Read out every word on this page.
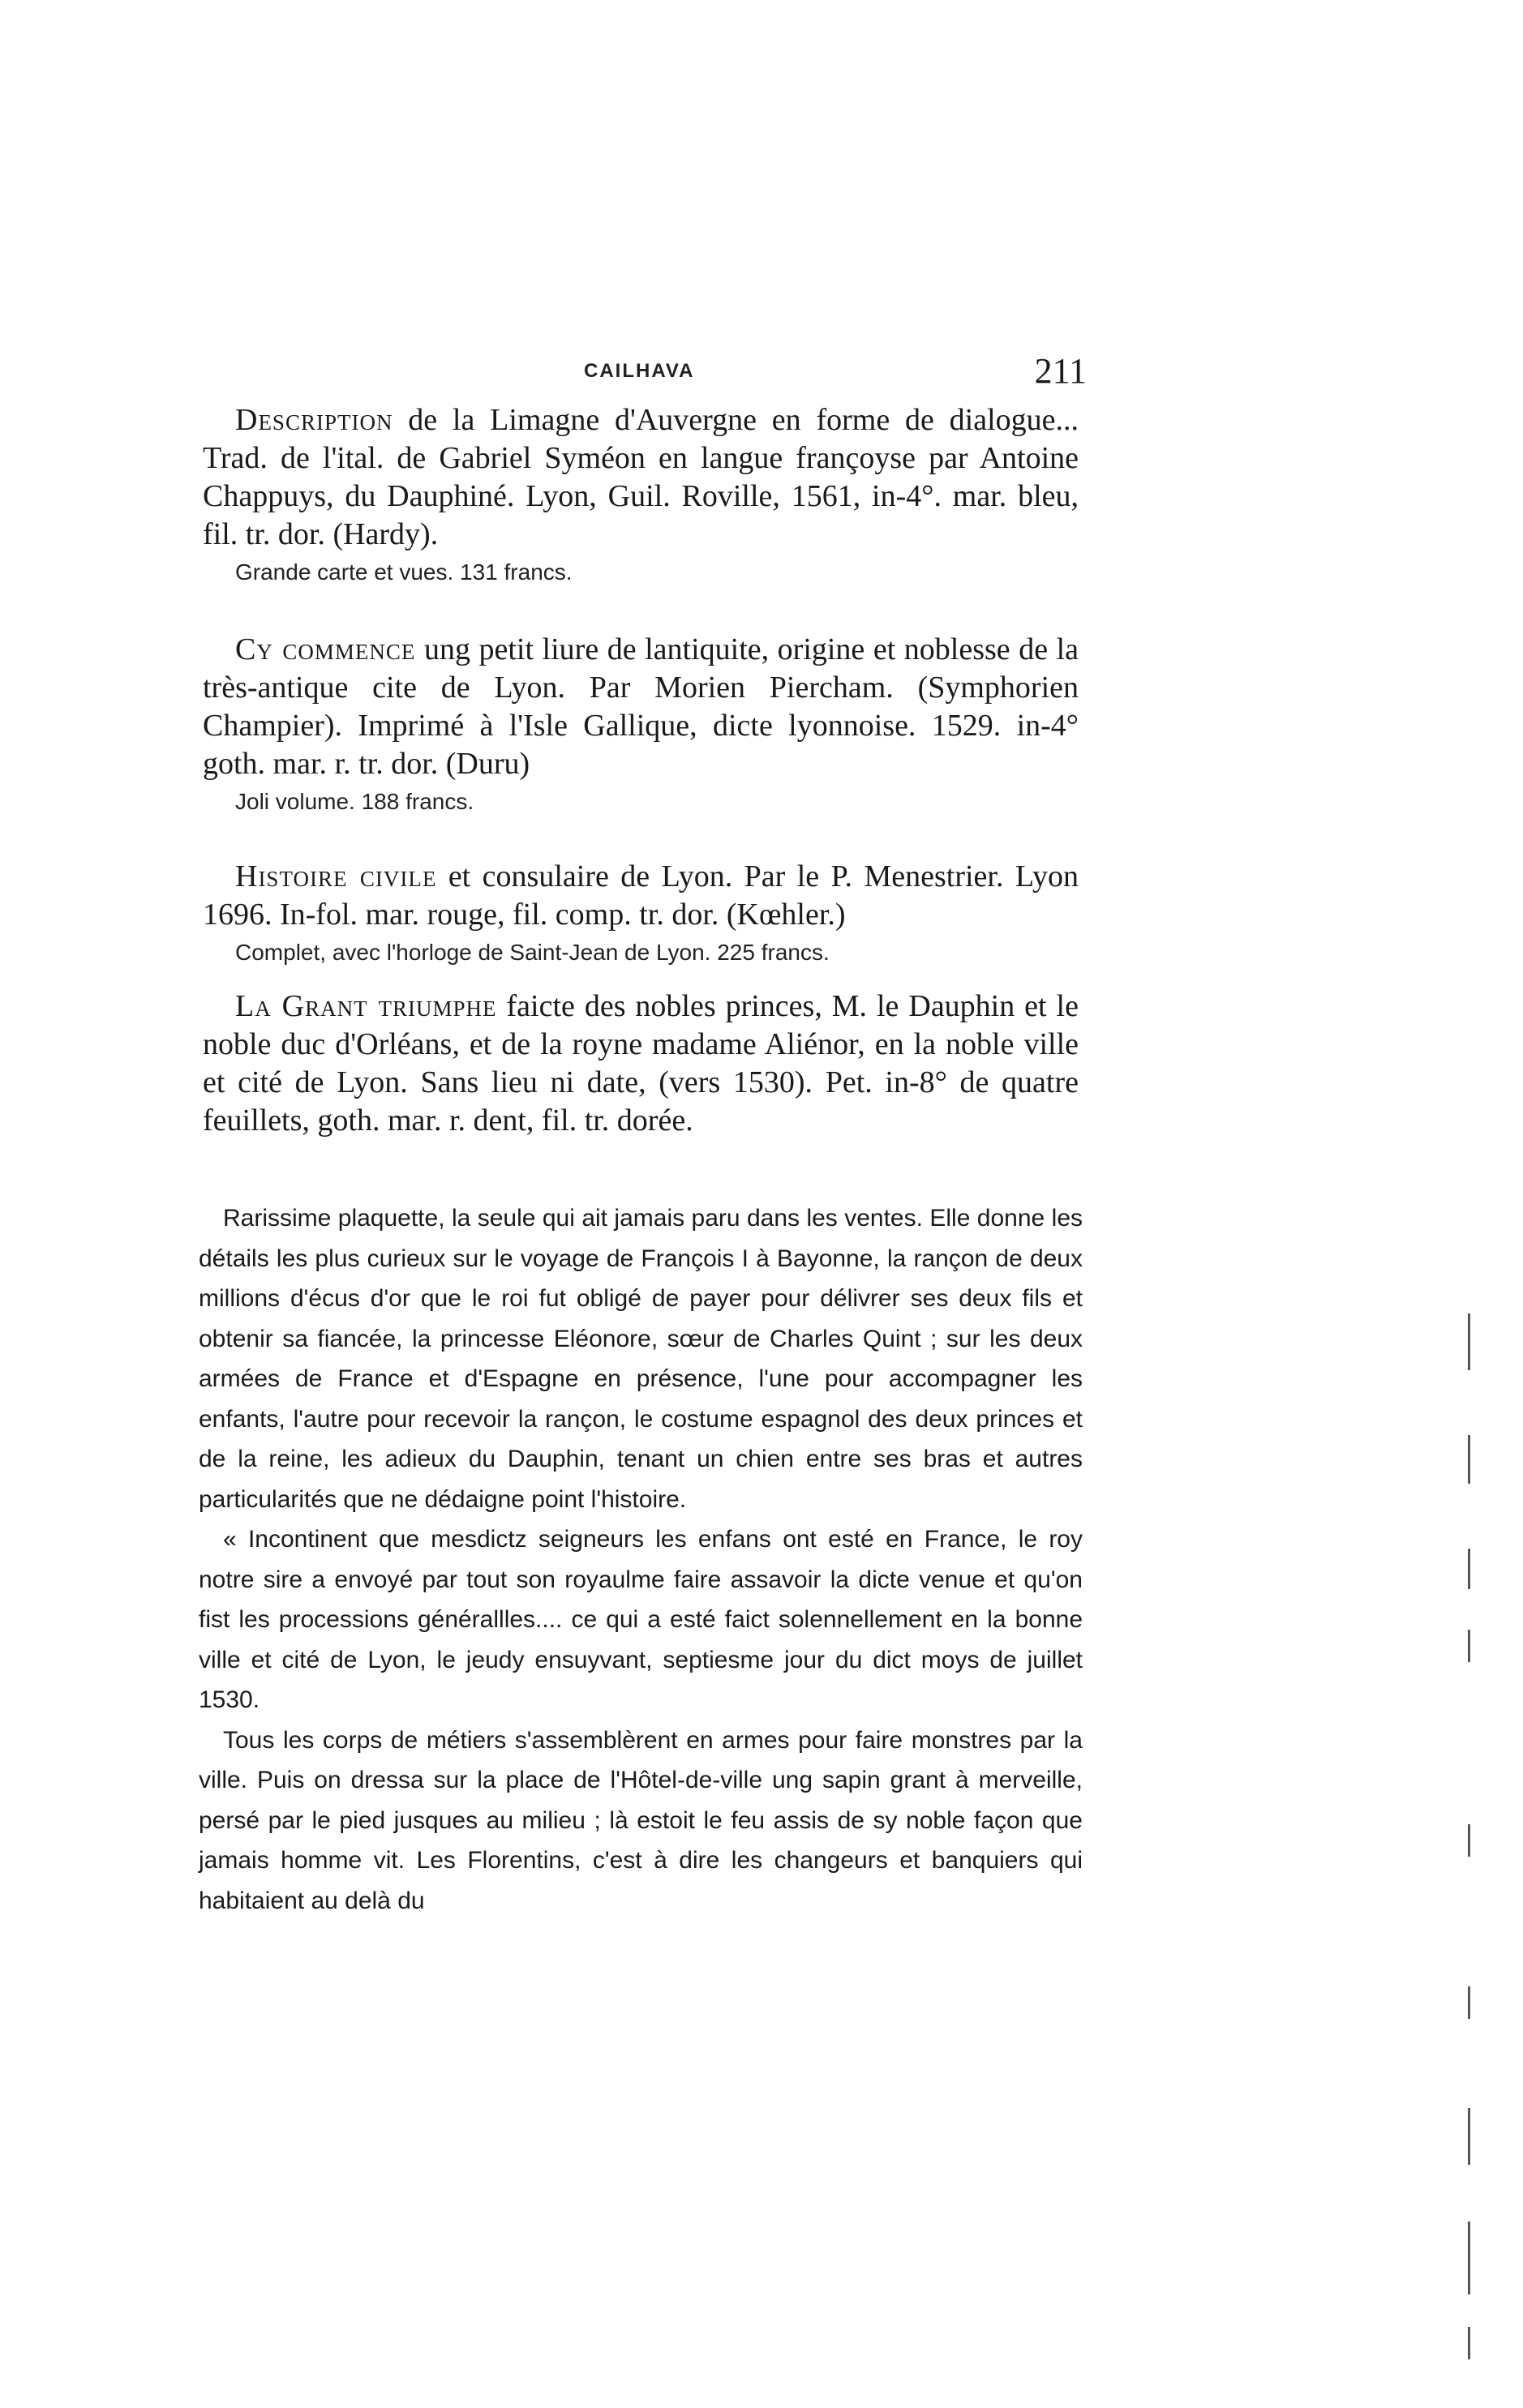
CAILHAVA	211

Description de la Limagne d'Auvergne en forme de dialogue... Trad. de l'ital. de Gabriel Syméon en langue françoyse par Antoine Chappuys, du Dauphiné. Lyon, Guil. Roville, 1561, in-4°. mar. bleu, fil. tr. dor. (Hardy).

Grande carte et vues. 131 francs.

Cy commence ung petit liure de lantiquite, origine et noblesse de la très-antique cite de Lyon. Par Morien Piercham. (Symphorien Champier). Imprimé à l'Isle Gallique, dicte lyonnoise. 1529. in-4° goth. mar. r. tr. dor. (Duru)

Joli volume. 188 francs.

Histoire civile et consulaire de Lyon. Par le P. Menestrier. Lyon 1696. In-fol. mar. rouge, fil. comp. tr. dor. (Kœhler.)

Complet, avec l'horloge de Saint-Jean de Lyon. 225 francs.

La Grant triumphe faicte des nobles princes, M. le Dauphin et le noble duc d'Orléans, et de la royne madame Aliénor, en la noble ville et cité de Lyon. Sans lieu ni date, (vers 1530). Pet. in-8° de quatre feuillets, goth. mar. r. dent, fil. tr. dorée.

Rarissime plaquette, la seule qui ait jamais paru dans les ventes. Elle donne les détails les plus curieux sur le voyage de François I à Bayonne, la rançon de deux millions d'écus d'or que le roi fut obligé de payer pour délivrer ses deux fils et obtenir sa fiancée, la princesse Eléonore, sœur de Charles Quint ; sur les deux armées de France et d'Espagne en présence, l'une pour accompagner les enfants, l'autre pour recevoir la rançon, le costume espagnol des deux princes et de la reine, les adieux du Dauphin, tenant un chien entre ses bras et autres particularités que ne dédaigne point l'histoire.

« Incontinent que mesdictz seigneurs les enfans ont esté en France, le roy notre sire a envoyé par tout son royaulme faire assavoir la dicte venue et qu'on fist les processions générallles.... ce qui a esté faict solennellement en la bonne ville et cité de Lyon, le jeudy ensuyvant, septiesme jour du dict moys de juillet 1530.

Tous les corps de métiers s'assemblèrent en armes pour faire monstres par la ville. Puis on dressa sur la place de l'Hôtel-de-ville ung sapin grant à merveille, persé par le pied jusques au milieu ; là estoit le feu assis de sy noble façon que jamais homme vit. Les Florentins, c'est à dire les changeurs et banquiers qui habitaient au delà du
